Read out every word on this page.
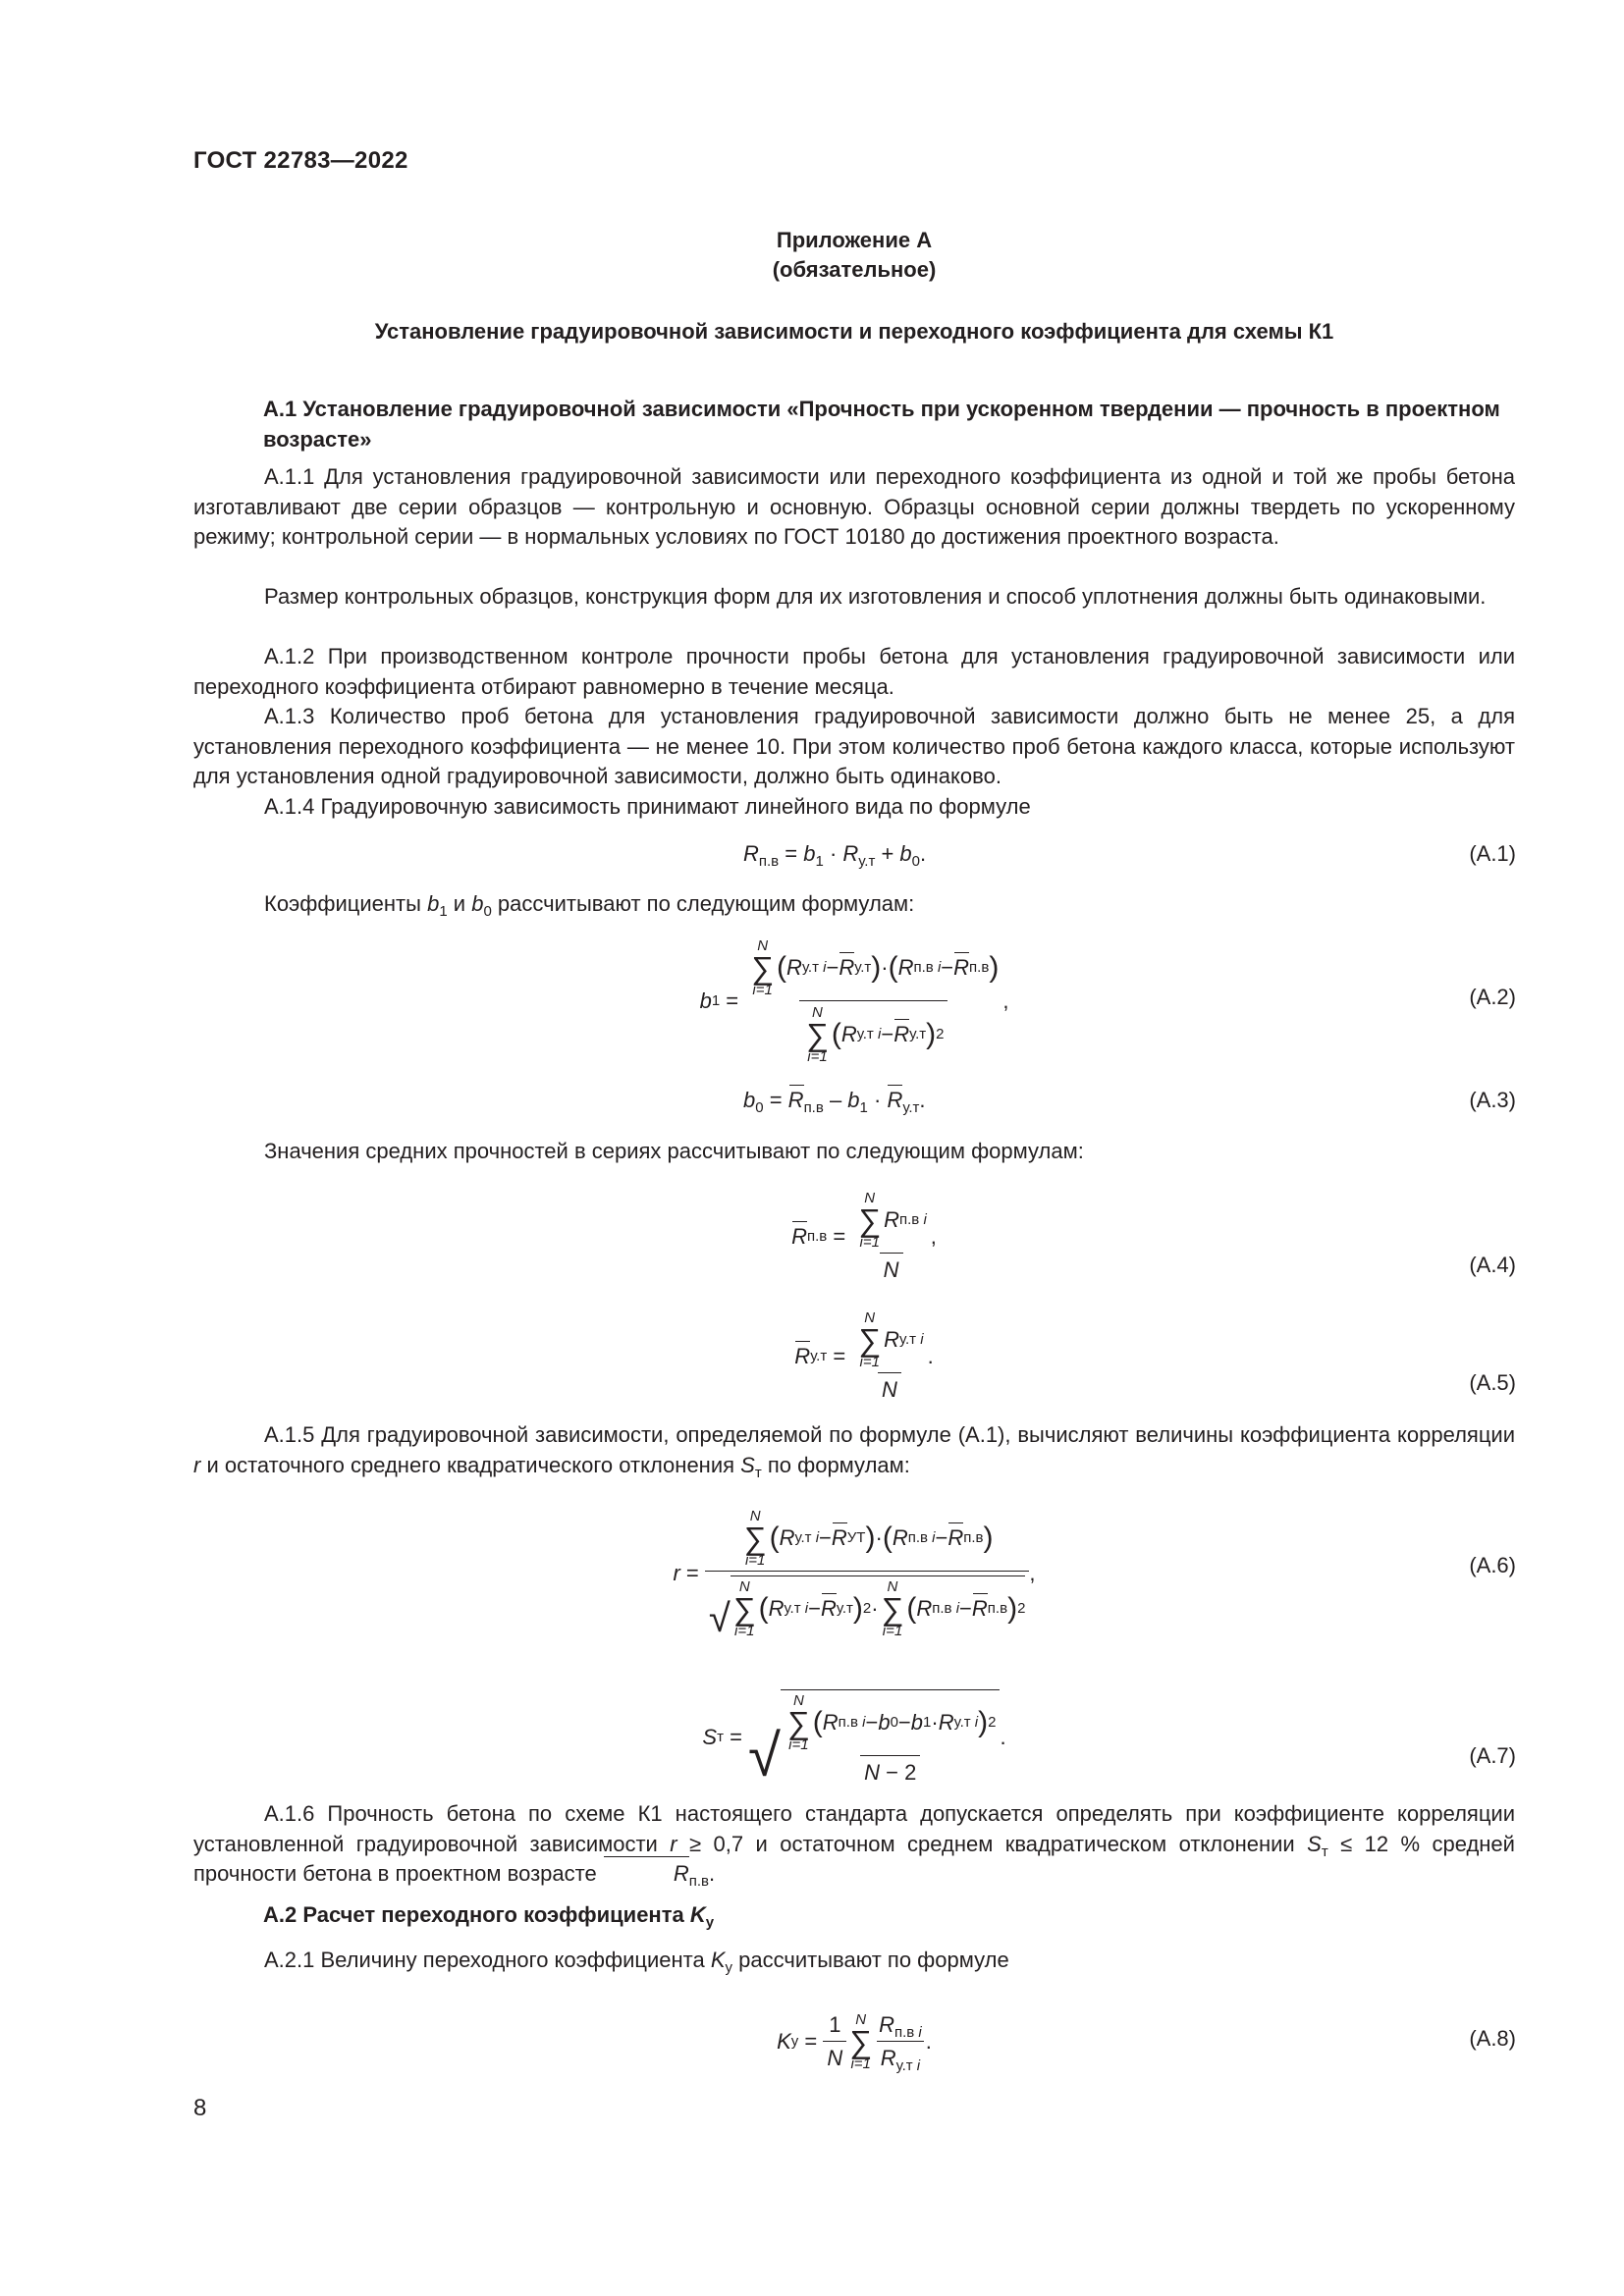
ГОСТ 22783—2022
Приложение А
(обязательное)
Установление градуировочной зависимости и переходного коэффициента для схемы К1
А.1 Установление градуировочной зависимости «Прочность при ускоренном твердении — прочность в проектном возрасте»
А.1.1 Для установления градуировочной зависимости или переходного коэффициента из одной и той же пробы бетона изготавливают две серии образцов — контрольную и основную. Образцы основной серии должны твердеть по ускоренному режиму; контрольной серии — в нормальных условиях по ГОСТ 10180 до достижения проектного возраста.
Размер контрольных образцов, конструкция форм для их изготовления и способ уплотнения должны быть одинаковыми.
А.1.2 При производственном контроле прочности пробы бетона для установления градуировочной зависимости или переходного коэффициента отбирают равномерно в течение месяца.
А.1.3 Количество проб бетона для установления градуировочной зависимости должно быть не менее 25, а для установления переходного коэффициента — не менее 10. При этом количество проб бетона каждого класса, которые используют для установления одной градуировочной зависимости, должно быть одинаково.
А.1.4 Градуировочную зависимость принимают линейного вида по формуле
$R_{п.в} = b_1 \cdot R_{у.т} + b_0$.	(А.1)
Коэффициенты $b_1$ и $b_0$ рассчитывают по следующим формулам:
b 1 = N
∑
i=1
( R у.т i − R у.т ) · ( R п.в i − R п.в )
N
∑
i=1
( R у.т i − R у.т ) 2 ,	(А.2)
$b_0 = R_{п.в} - b_1 \cdot R_{у.т}$.	(А.3)
Значения средних прочностей в сериях рассчитывают по следующим формулам:
R п.в = N
∑
i=1
R п.в i
N ,
(А.4)
R у.т = N
∑
i=1
R у.т i
N .
(А.5)
А.1.5 Для градуировочной зависимости, определяемой по формуле (А.1), вычисляют величины коэффициента корреляции r и остаточного среднего квадратического отклонения $S_т$ по формулам:
r =
N
∑
i=1
( R у.т i − R УТ ) · ( R п.в i − R п.в )
√
N
∑
i=1
( R у.т i − R у.т ) 2 ·
N
∑
i=1
( R п.в i − R п.в ) 2
,	(А.6)
S т = √ N
∑
i=1
( R п.в i − b 0 − b 1 · R у.т i ) 2
N − 2 .
(А.7)
А.1.6 Прочность бетона по схеме К1 настоящего стандарта допускается определять при коэффициенте корреляции установленной градуировочной зависимости r ≥ 0,7 и остаточном среднем квадратическом отклонении $S_т \le 12$ % средней прочности бетона в проектном возрасте	$R_{п.в}$.
А.2 Расчет переходного коэффициента $K_у$
А.2.1 Величину переходного коэффициента $K_у$ рассчитывают по формуле
K $у = \frac{1}{N}$ N
∑
$i=1 \frac{R_{п.в i}}{R_{у.т i}}$ .	(А.8)
8
